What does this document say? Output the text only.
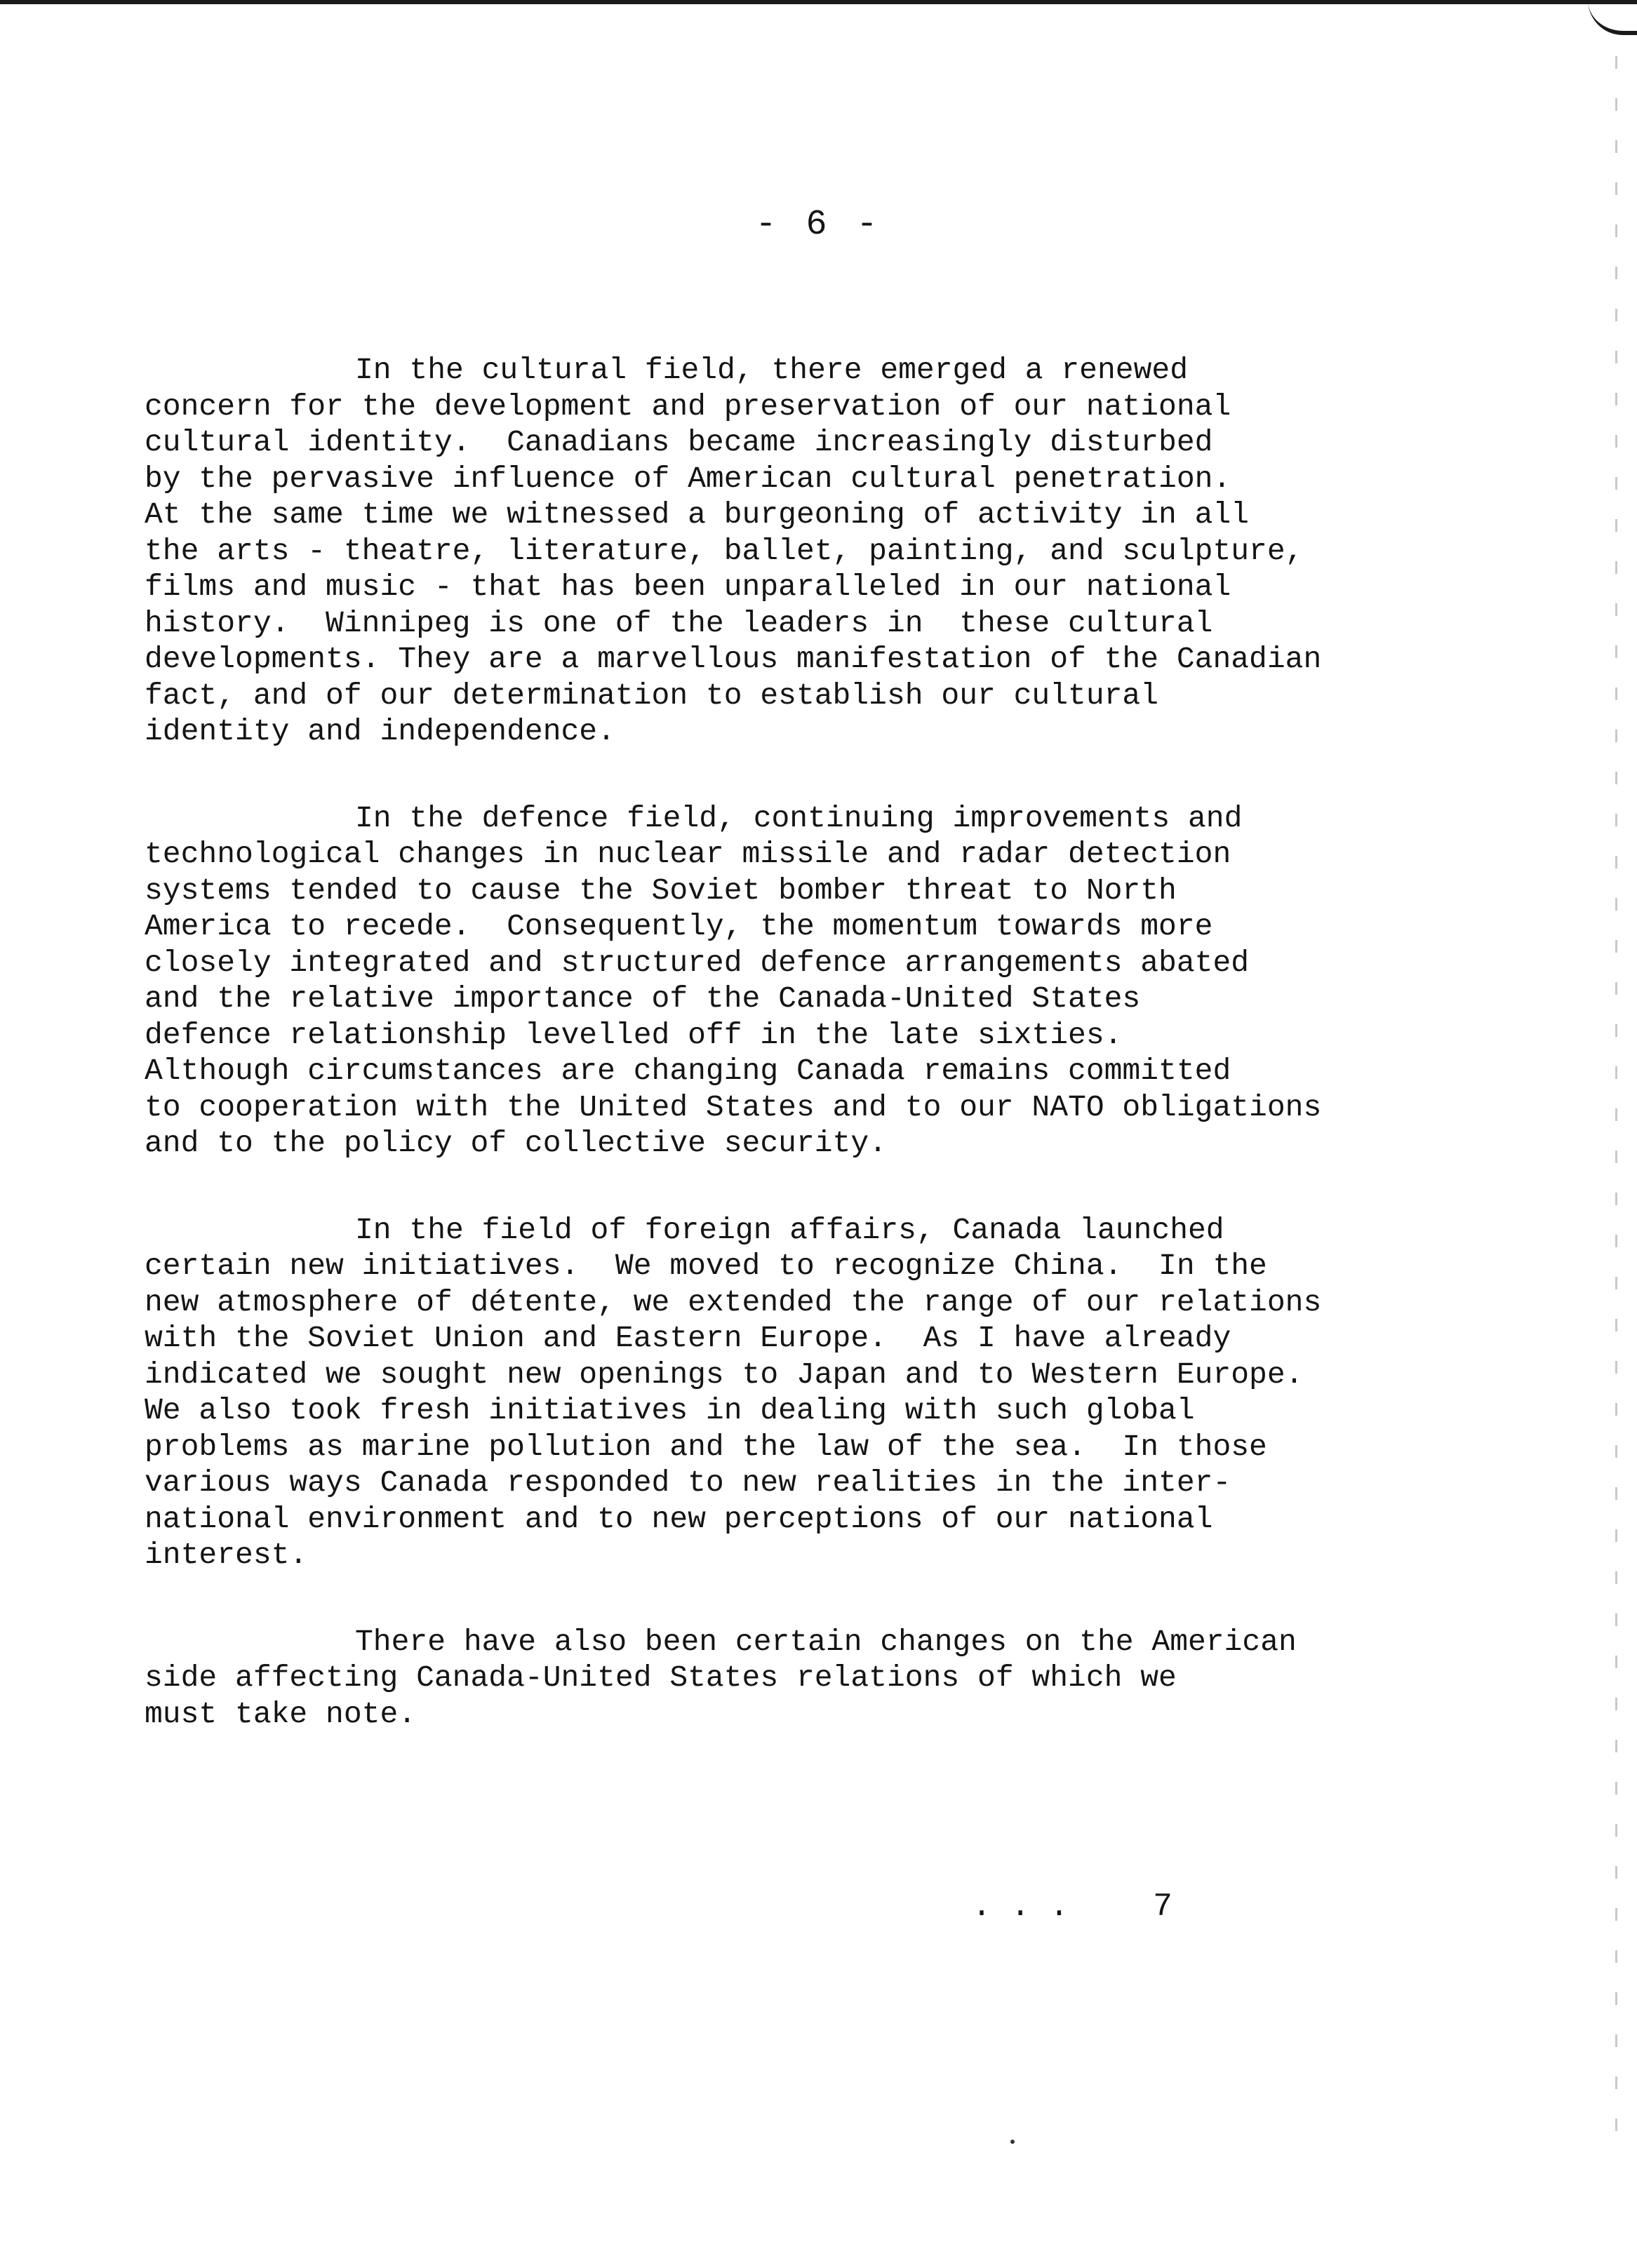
- 6 -
In the cultural field, there emerged a renewed
concern for the development and preservation of our national
cultural identity.  Canadians became increasingly disturbed
by the pervasive influence of American cultural penetration.
At the same time we witnessed a burgeoning of activity in all
the arts - theatre, literature, ballet, painting, and sculpture,
films and music - that has been unparalleled in our national
history.  Winnipeg is one of the leaders in  these cultural
developments. They are a marvellous manifestation of the Canadian
fact, and of our determination to establish our cultural
identity and independence.
In the defence field, continuing improvements and
technological changes in nuclear missile and radar detection
systems tended to cause the Soviet bomber threat to North
America to recede.  Consequently, the momentum towards more
closely integrated and structured defence arrangements abated
and the relative importance of the Canada-United States
defence relationship levelled off in the late sixties.
Although circumstances are changing Canada remains committed
to cooperation with the United States and to our NATO obligations
and to the policy of collective security.
In the field of foreign affairs, Canada launched
certain new initiatives.  We moved to recognize China.  In the
new atmosphere of détente, we extended the range of our relations
with the Soviet Union and Eastern Europe.  As I have already
indicated we sought new openings to Japan and to Western Europe.
We also took fresh initiatives in dealing with such global
problems as marine pollution and the law of the sea.  In those
various ways Canada responded to new realities in the inter-
national environment and to new perceptions of our national
interest.
There have also been certain changes on the American
side affecting Canada-United States relations of which we
must take note.

. . .	7
